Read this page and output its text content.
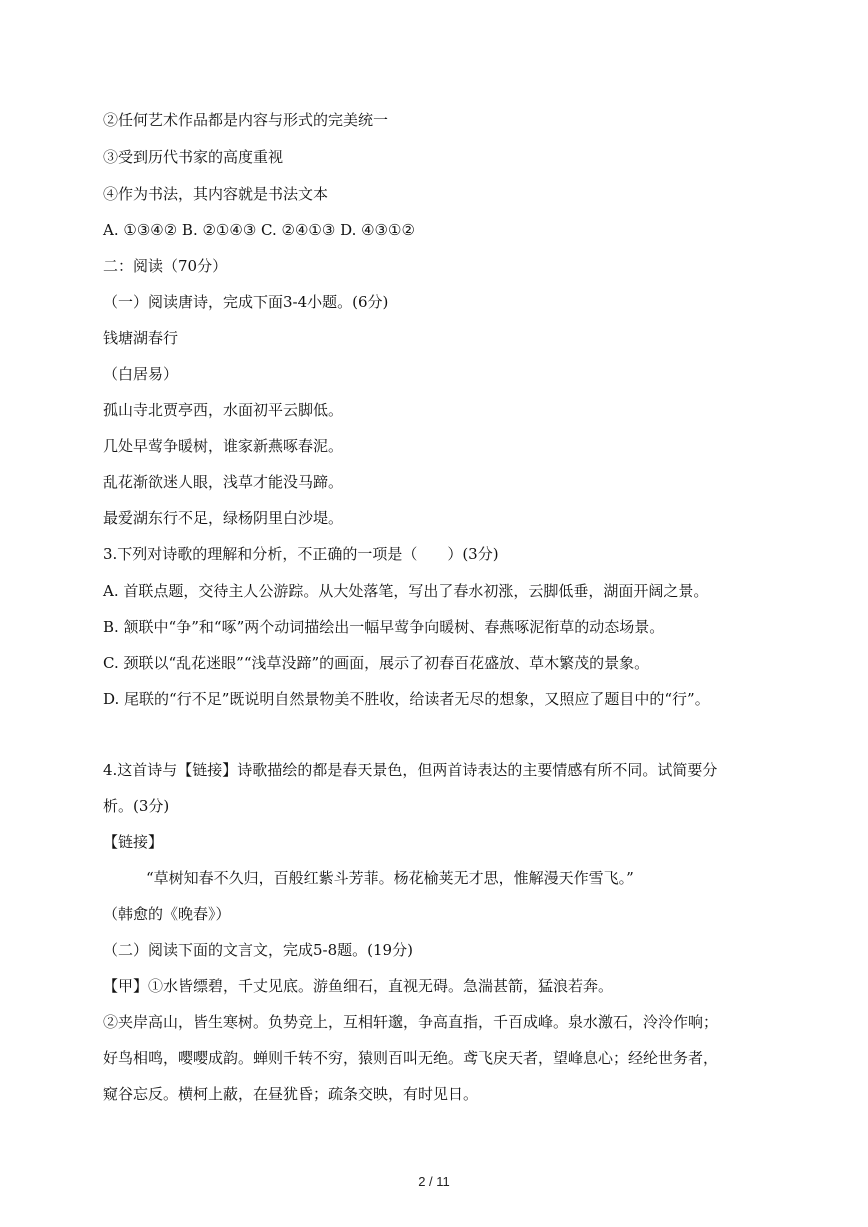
②任何艺术作品都是内容与形式的完美统一
③受到历代书家的高度重视
④作为书法，其内容就是书法文本
A. ①③④② B. ②①④③ C. ②④①③ D. ④③①②
二：阅读（70分）
（一）阅读唐诗，完成下面3-4小题。(6分)
钱塘湖春行
（白居易）
孤山寺北贾亭西，水面初平云脚低。
几处早莺争暖树，谁家新燕啄春泥。
乱花渐欲迷人眼，浅草才能没马蹄。
最爱湖东行不足，绿杨阴里白沙堤。
3.下列对诗歌的理解和分析，不正确的一项是（　　）(3分)
A. 首联点题，交待主人公游踪。从大处落笔，写出了春水初涨，云脚低垂，湖面开阔之景。
B. 颔联中“争”和“啄”两个动词描绘出一幅早莺争向暖树、春燕啄泥衔草的动态场景。
C. 颈联以“乱花迷眼”“浅草没蹄”的画面，展示了初春百花盛放、草木繁茂的景象。
D. 尾联的“行不足”既说明自然景物美不胜收，给读者无尽的想象，又照应了题目中的“行”。
4.这首诗与【链接】诗歌描绘的都是春天景色，但两首诗表达的主要情感有所不同。试简要分
析。(3分)
【链接】
“草树知春不久归，百般红紫斗芳菲。杨花榆荚无才思，惟解漫天作雪飞。”
（韩愈的《晚春》）
（二）阅读下面的文言文，完成5-8题。(19分)
【甲】①水皆缥碧，千丈见底。游鱼细石，直视无碍。急湍甚箭，猛浪若奔。
②夹岸高山，皆生寒树。负势竞上，互相轩邈，争高直指，千百成峰。泉水激石，泠泠作响；
好鸟相鸣，嘤嘤成韵。蝉则千转不穷，猿则百叫无绝。鸢飞戾天者，望峰息心；经纶世务者，
窥谷忘反。横柯上蔽，在昼犹昏；疏条交映，有时见日。
2 / 11
